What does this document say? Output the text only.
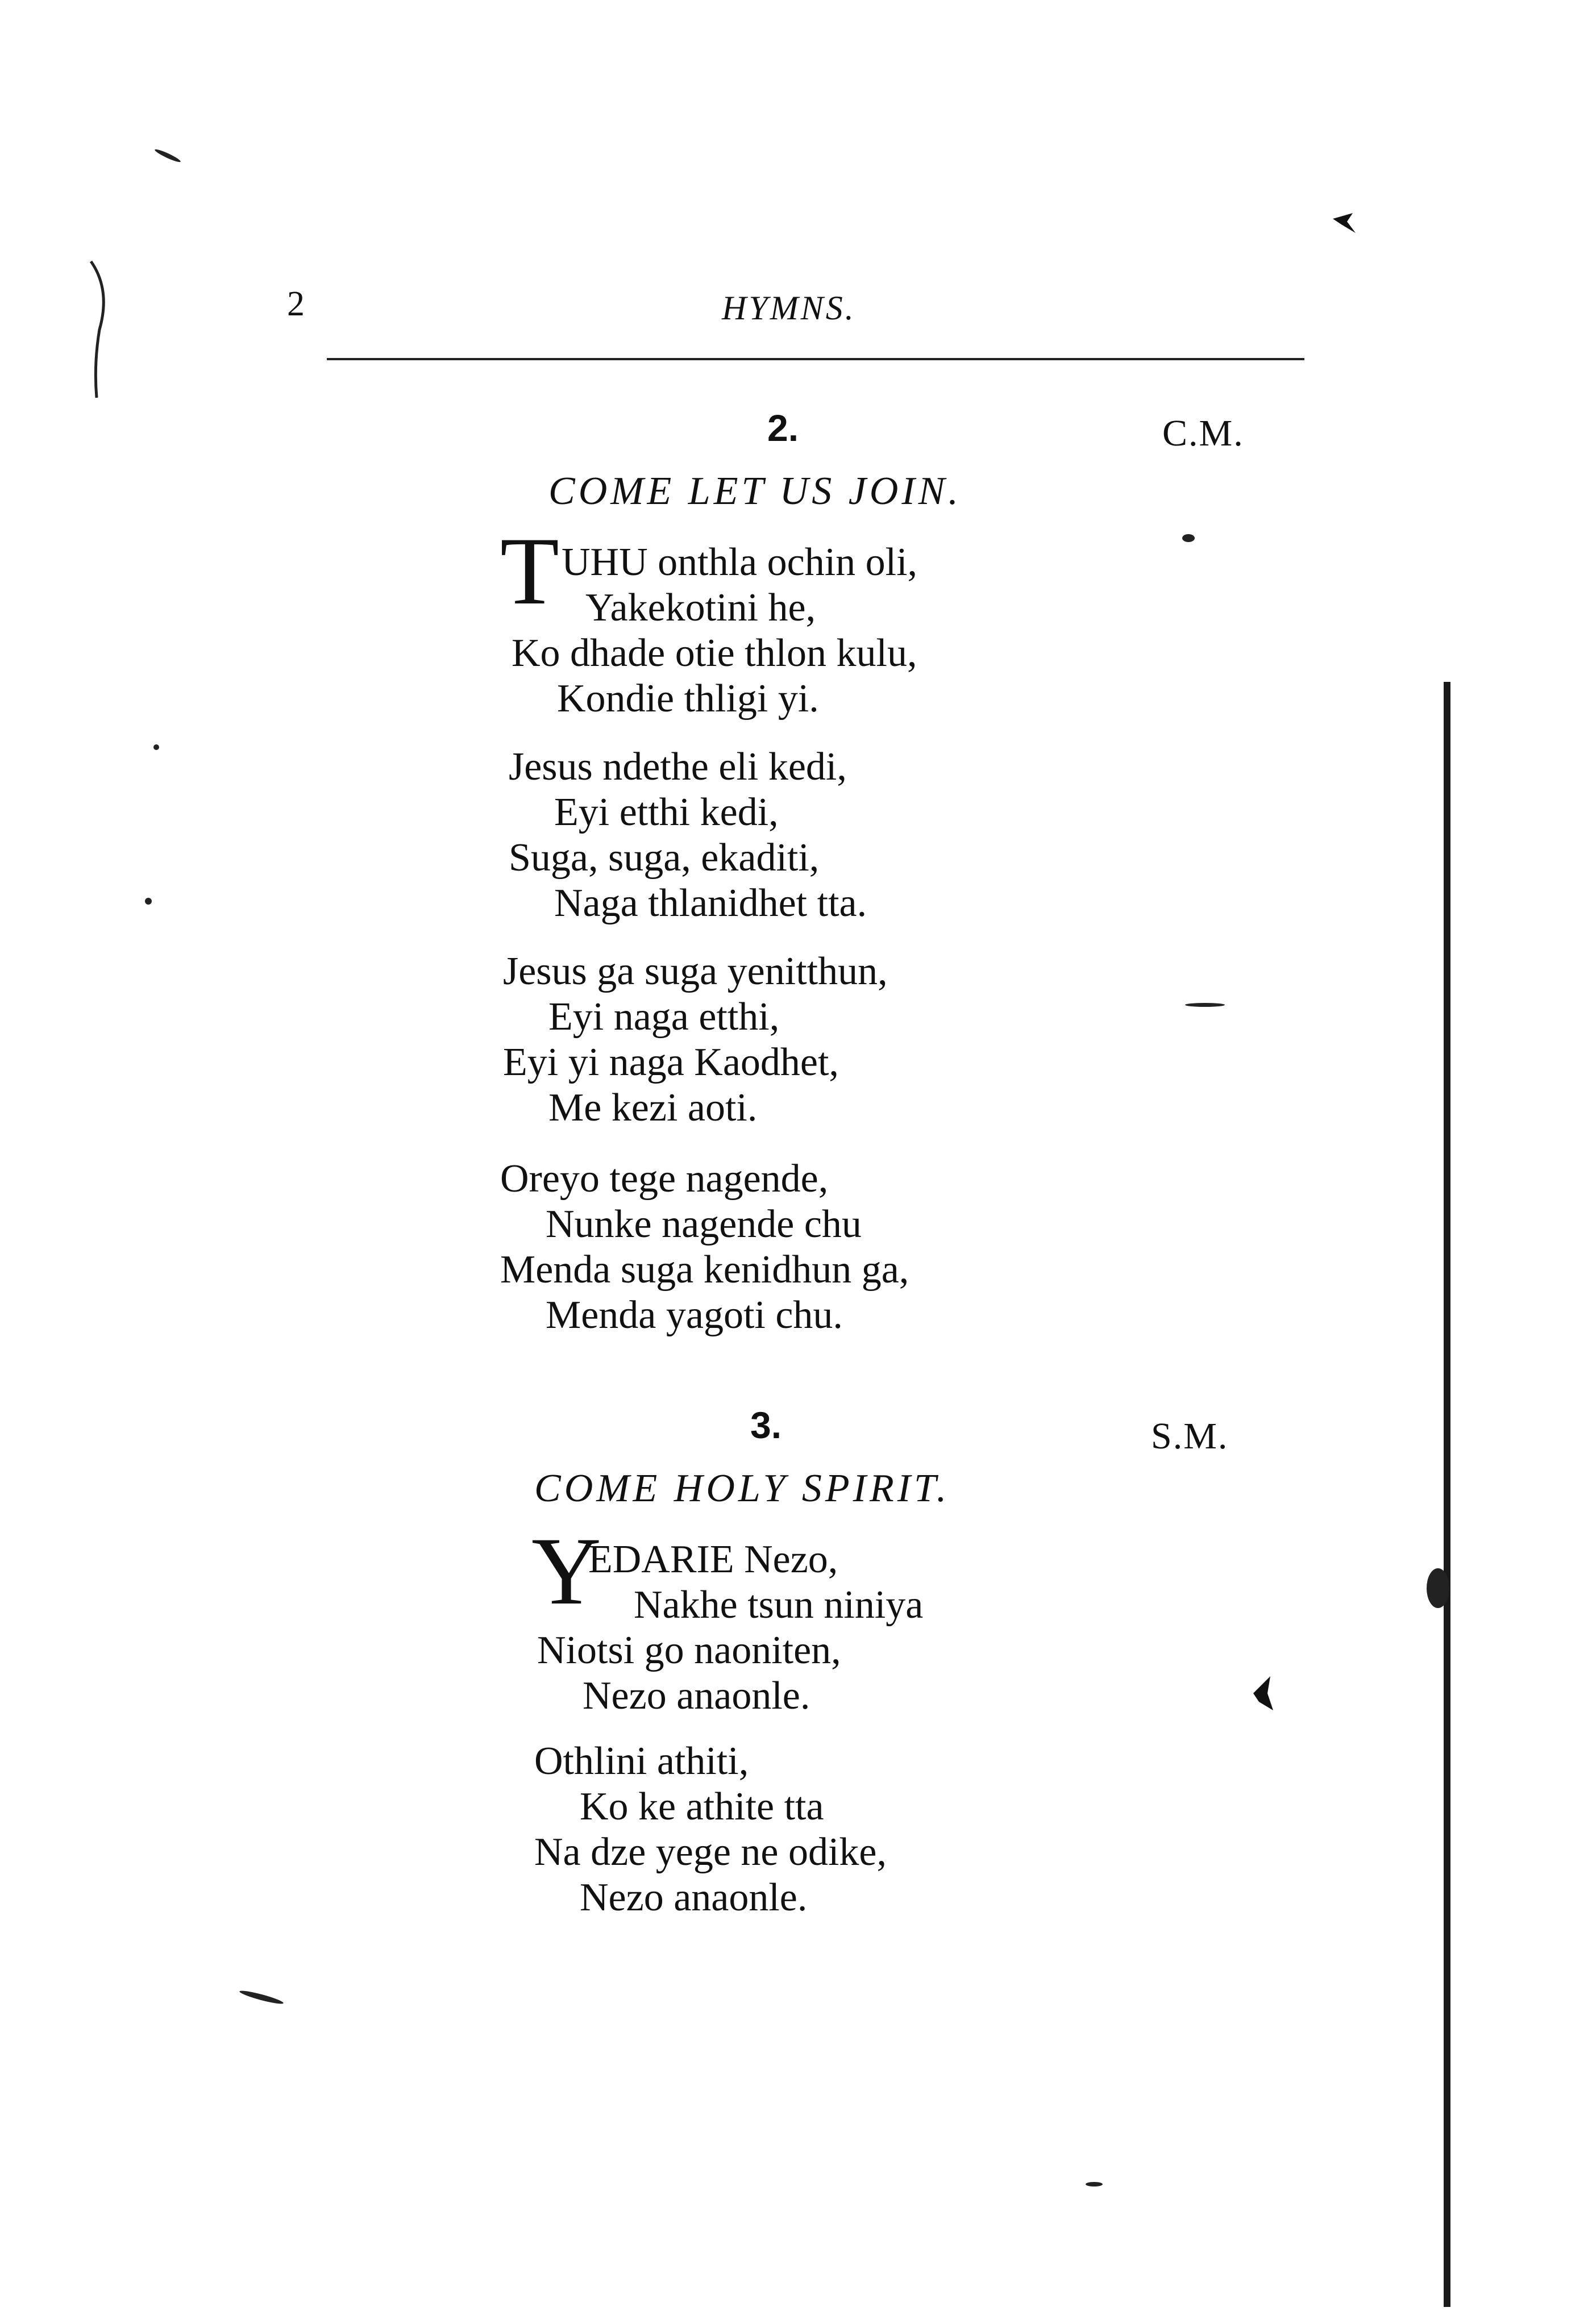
2	HYMNS.
2.	C.M.
COME LET US JOIN.
T UHU onthla ochin oli,
Yakekotini he,
Ko dhade otie thlon kulu,
Kondie thligi yi.
Jesus ndethe eli kedi,
Eyi etthi kedi,
Suga, suga, ekaditi,
Naga thlanidhet tta.
Jesus ga suga yenitthun,
Eyi naga etthi,
Eyi yi naga Kaodhet,
Me kezi aoti.
Oreyo tege nagende,
Nunke nagende chu
Menda suga kenidhun ga,
Menda yagoti chu.
3.	S.M.
COME HOLY SPIRIT.
Y
EDARIE Nezo,
Nakhe tsun niniya
Niotsi go naoniten,
Nezo anaonle.
Othlini athiti,
Ko ke athite tta
Na dze yege ne odike,
Nezo anaonle.
